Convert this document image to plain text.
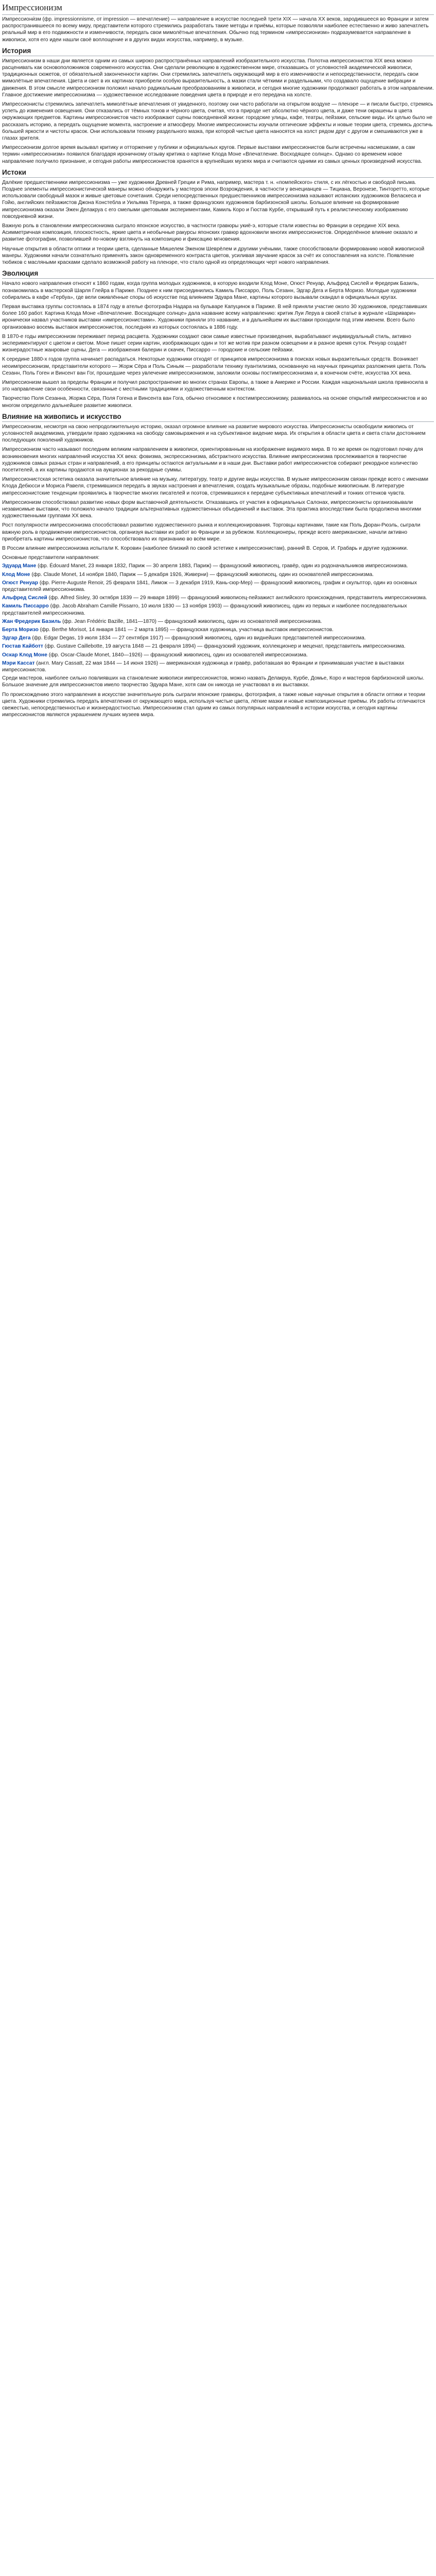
Импрессионизм

Импрессиони́зм (фр. impressionnisme, от impression — впечатление) — направление в искусстве последней трети XIX — начала XX веков, зародившееся во Франции и затем распространившееся по всему миру, представители которого стремились разработать такие методы и приёмы, которые позволяли наиболее естественно и живо запечатлеть реальный мир в его подвижности и изменчивости, передать свои мимолётные впечатления. Обычно под термином «импрессионизм» подразумевается направление в живописи, хотя его идеи нашли своё воплощение и в других видах искусства, например, в музыке.

История

Импрессионизм в наши дни является одним из самых широко распространённых направлений изобразительного искусства. Полотна импрессионистов XIX века можно расценивать как основоположников современного искусства. Они сделали революцию в художественном мире, отказавшись от условностей академической живописи, традиционных сюжетов, от обязательной законченности картин. Они стремились запечатлеть окружающий мир в его изменчивости и непосредственности, передать свои мимолётные впечатления. Цвета и свет в их картинах приобрели особую выразительность, а мазки стали чёткими и раздельными, что создавало ощущение вибрации и движения. В этом смысле импрессионизм положил начало радикальным преобразованиям в живописи, и сегодня многие художники продолжают работать в этом направлении. Главное достижение импрессионизма — художественное исследование поведения цвета в природе и его передача на холсте.

Импрессионисты стремились запечатлеть мимолётные впечатления от увиденного, поэтому они часто работали на открытом воздухе — пленэре — и писали быстро, стремясь успеть до изменения освещения. Они отказались от тёмных тонов и чёрного цвета, считая, что в природе нет абсолютно чёрного цвета, и даже тени окрашены в цвета окружающих предметов. Картины импрессионистов часто изображают сцены повседневной жизни: городские улицы, кафе, театры, пейзажи, сельские виды. Их целью было не рассказать историю, а передать ощущение момента, настроение и атмосферу. Многие импрессионисты изучали оптические эффекты и новые теории цвета, стремясь достичь большей яркости и чистоты красок. Они использовали технику раздельного мазка, при которой чистые цвета наносятся на холст рядом друг с другом и смешиваются уже в глазах зрителя.

Импрессионизм долгое время вызывал критику и отторжение у публики и официальных кругов. Первые выставки импрессионистов были встречены насмешками, а сам термин «импрессионизм» появился благодаря ироничному отзыву критика о картине Клода Моне «Впечатление. Восходящее солнце». Однако со временем новое направление получило признание, и сегодня работы импрессионистов хранятся в крупнейших музеях мира и считаются одними из самых ценных произведений искусства.

Истоки

Далёкие предшественники импрессионизма — уже художники Древней Греции и Рима, например, мастера т. н. «помпейского» стиля, с их лёгкостью и свободой письма. Позднее элементы импрессионистической манеры можно обнаружить у мастеров эпохи Возрождения, в частности у венецианцев — Тициана, Веронезе, Тинторетто, которые использовали свободный мазок и живые цветовые сочетания. Среди непосредственных предшественников импрессионизма называют испанских художников Веласкеса и Гойю, английских пейзажистов Джона Констебла и Уильяма Тёрнера, а также французских художников барбизонской школы. Большое влияние на формирование импрессионизма оказали Эжен Делакруа с его смелыми цветовыми экспериментами, Камиль Коро и Гюстав Курбе, открывший путь к реалистическому изображению повседневной жизни.

Важную роль в становлении импрессионизма сыграло японское искусство, в частности гравюры укиё-э, которые стали известны во Франции в середине XIX века. Асимметричная композиция, плоскостность, яркие цвета и необычные ракурсы японских гравюр вдохновили многих импрессионистов. Определённое влияние оказало и развитие фотографии, позволившей по-новому взглянуть на композицию и фиксацию мгновения.

Научные открытия в области оптики и теории цвета, сделанные Мишелем Эженом Шеврёлем и другими учёными, также способствовали формированию новой живописной манеры. Художники начали сознательно применять закон одновременного контраста цветов, усиливая звучание красок за счёт их сопоставления на холсте. Появление тюбиков с масляными красками сделало возможной работу на пленэре, что стало одной из определяющих черт нового направления.

Эволюция

Начало нового направления относят к 1860 годам, когда группа молодых художников, в которую входили Клод Моне, Огюст Ренуар, Альфред Сислей и Фредерик Базиль, познакомилась в мастерской Шарля Глейра в Париже. Позднее к ним присоединились Камиль Писсарро, Поль Сезанн, Эдгар Дега и Берта Моризо. Молодые художники собирались в кафе «Гербуа», где вели оживлённые споры об искусстве под влиянием Эдуара Мане, картины которого вызывали скандал в официальных кругах.

Первая выставка группы состоялась в 1874 году в ателье фотографа Надара на бульваре Капуцинок в Париже. В ней приняли участие около 30 художников, представивших более 160 работ. Картина Клода Моне «Впечатление. Восходящее солнце» дала название всему направлению: критик Луи Леруа в своей статье в журнале «Шаривари» иронически назвал участников выставки «импрессионистами». Художники приняли это название, и в дальнейшем их выставки проходили под этим именем. Всего было организовано восемь выставок импрессионистов, последняя из которых состоялась в 1886 году.

В 1870-е годы импрессионизм переживает период расцвета. Художники создают свои самые известные произведения, вырабатывают индивидуальный стиль, активно экспериментируют с цветом и светом. Моне пишет серии картин, изображающих один и тот же мотив при разном освещении и в разное время суток. Ренуар создаёт жизнерадостные жанровые сцены, Дега — изображения балерин и скачек, Писсарро — городские и сельские пейзажи.

К середине 1880-х годов группа начинает распадаться. Некоторые художники отходят от принципов импрессионизма в поисках новых выразительных средств. Возникает неоимпрессионизм, представители которого — Жорж Сёра и Поль Синьяк — разработали технику пуантилизма, основанную на научных принципах разложения цвета. Поль Сезанн, Поль Гоген и Винсент ван Гог, прошедшие через увлечение импрессионизмом, заложили основы постимпрессионизма и, в конечном счёте, искусства XX века.

Импрессионизм вышел за пределы Франции и получил распространение во многих странах Европы, а также в Америке и России. Каждая национальная школа привносила в это направление свои особенности, связанные с местными традициями и художественным контекстом.

Творчество Поля Сезанна, Жоржа Сёра, Поля Гогена и Винсента ван Гога, обычно относимое к постимпрессионизму, развивалось на основе открытий импрессионистов и во многом определило дальнейшее развитие живописи.

Влияние на живопись и искусство

Импрессионизм, несмотря на свою непродолжительную историю, оказал огромное влияние на развитие мирового искусства. Импрессионисты освободили живопись от условностей академизма, утвердили право художника на свободу самовыражения и на субъективное видение мира. Их открытия в области цвета и света стали достоянием последующих поколений художников.

Импрессионизм часто называют последним великим направлением в живописи, ориентированным на изображение видимого мира. В то же время он подготовил почву для возникновения многих направлений искусства XX века: фовизма, экспрессионизма, абстрактного искусства. Влияние импрессионизма прослеживается в творчестве художников самых разных стран и направлений, а его принципы остаются актуальными и в наши дни. Выставки работ импрессионистов собирают рекордное количество посетителей, а их картины продаются на аукционах за рекордные суммы.

Импрессионистская эстетика оказала значительное влияние на музыку, литературу, театр и другие виды искусства. В музыке импрессионизм связан прежде всего с именами Клода Дебюсси и Мориса Равеля, стремившихся передать в звуках настроения и впечатления, создать музыкальные образы, подобные живописным. В литературе импрессионистские тенденции проявились в творчестве многих писателей и поэтов, стремившихся к передаче субъективных впечатлений и тонких оттенков чувств.

Импрессионизм способствовал развитию новых форм выставочной деятельности. Отказавшись от участия в официальных Салонах, импрессионисты организовывали независимые выставки, что положило начало традиции альтернативных художественных объединений и выставок. Эта практика впоследствии была продолжена многими художественными группами XX века.

Рост популярности импрессионизма способствовал развитию художественного рынка и коллекционирования. Торговцы картинами, такие как Поль Дюран-Рюэль, сыграли важную роль в продвижении импрессионистов, организуя выставки их работ во Франции и за рубежом. Коллекционеры, прежде всего американские, начали активно приобретать картины импрессионистов, что способствовало их признанию во всём мире.

В России влияние импрессионизма испытали К. Коровин (наиболее близкий по своей эстетике к импрессионистам), ранний В. Серов, И. Грабарь и другие художники.

Основные представители направления:

Эдуард Мане (фр. Édouard Manet, 23 января 1832, Париж — 30 апреля 1883, Париж) — французский живописец, гравёр, один из родоначальников импрессионизма.

Клод Моне (фр. Claude Monet, 14 ноября 1840, Париж — 5 декабря 1926, Живерни) — французский живописец, один из основателей импрессионизма.

Огюст Ренуар (фр. Pierre-Auguste Renoir, 25 февраля 1841, Лимож — 3 декабря 1919, Кань-сюр-Мер) — французский живописец, график и скульптор, один из основных представителей импрессионизма.

Альфред Сислей (фр. Alfred Sisley, 30 октября 1839 — 29 января 1899) — французский живописец-пейзажист английского происхождения, представитель импрессионизма.

Камиль Писсарро (фр. Jacob Abraham Camille Pissarro, 10 июля 1830 — 13 ноября 1903) — французский живописец, один из первых и наиболее последовательных представителей импрессионизма.

Жан Фредерик Базиль (фр. Jean Frédéric Bazille, 1841—1870) — французский живописец, один из основателей импрессионизма.

Берта Моризо (фр. Berthe Morisot, 14 января 1841 — 2 марта 1895) — французская художница, участница выставок импрессионистов.

Эдгар Дега (фр. Edgar Degas, 19 июля 1834 — 27 сентября 1917) — французский живописец, один из виднейших представителей импрессионизма.

Гюстав Кайботт (фр. Gustave Caillebotte, 19 августа 1848 — 21 февраля 1894) — французский художник, коллекционер и меценат, представитель импрессионизма.

Оскар Клод Моне (фр. Oscar-Claude Monet, 1840—1926) — французский живописец, один из основателей импрессионизма.

Мэри Кассат (англ. Mary Cassatt, 22 мая 1844 — 14 июня 1926) — американская художница и гравёр, работавшая во Франции и принимавшая участие в выставках импрессионистов.

Среди мастеров, наиболее сильно повлиявших на становление живописи импрессионистов, можно назвать Делакруа, Курбе, Домье, Коро и мастеров барбизонской школы. Большое значение для импрессионистов имело творчество Эдуара Мане, хотя сам он никогда не участвовал в их выставках.

По происхождению этого направления в искусстве значительную роль сыграли японские гравюры, фотография, а также новые научные открытия в области оптики и теории цвета. Художники стремились передать впечатления от окружающего мира, используя чистые цвета, лёгкие мазки и новые композиционные приёмы. Их работы отличаются свежестью, непосредственностью и жизнерадостностью. Импрессионизм стал одним из самых популярных направлений в истории искусства, и сегодня картины импрессионистов являются украшением лучших музеев мира.
